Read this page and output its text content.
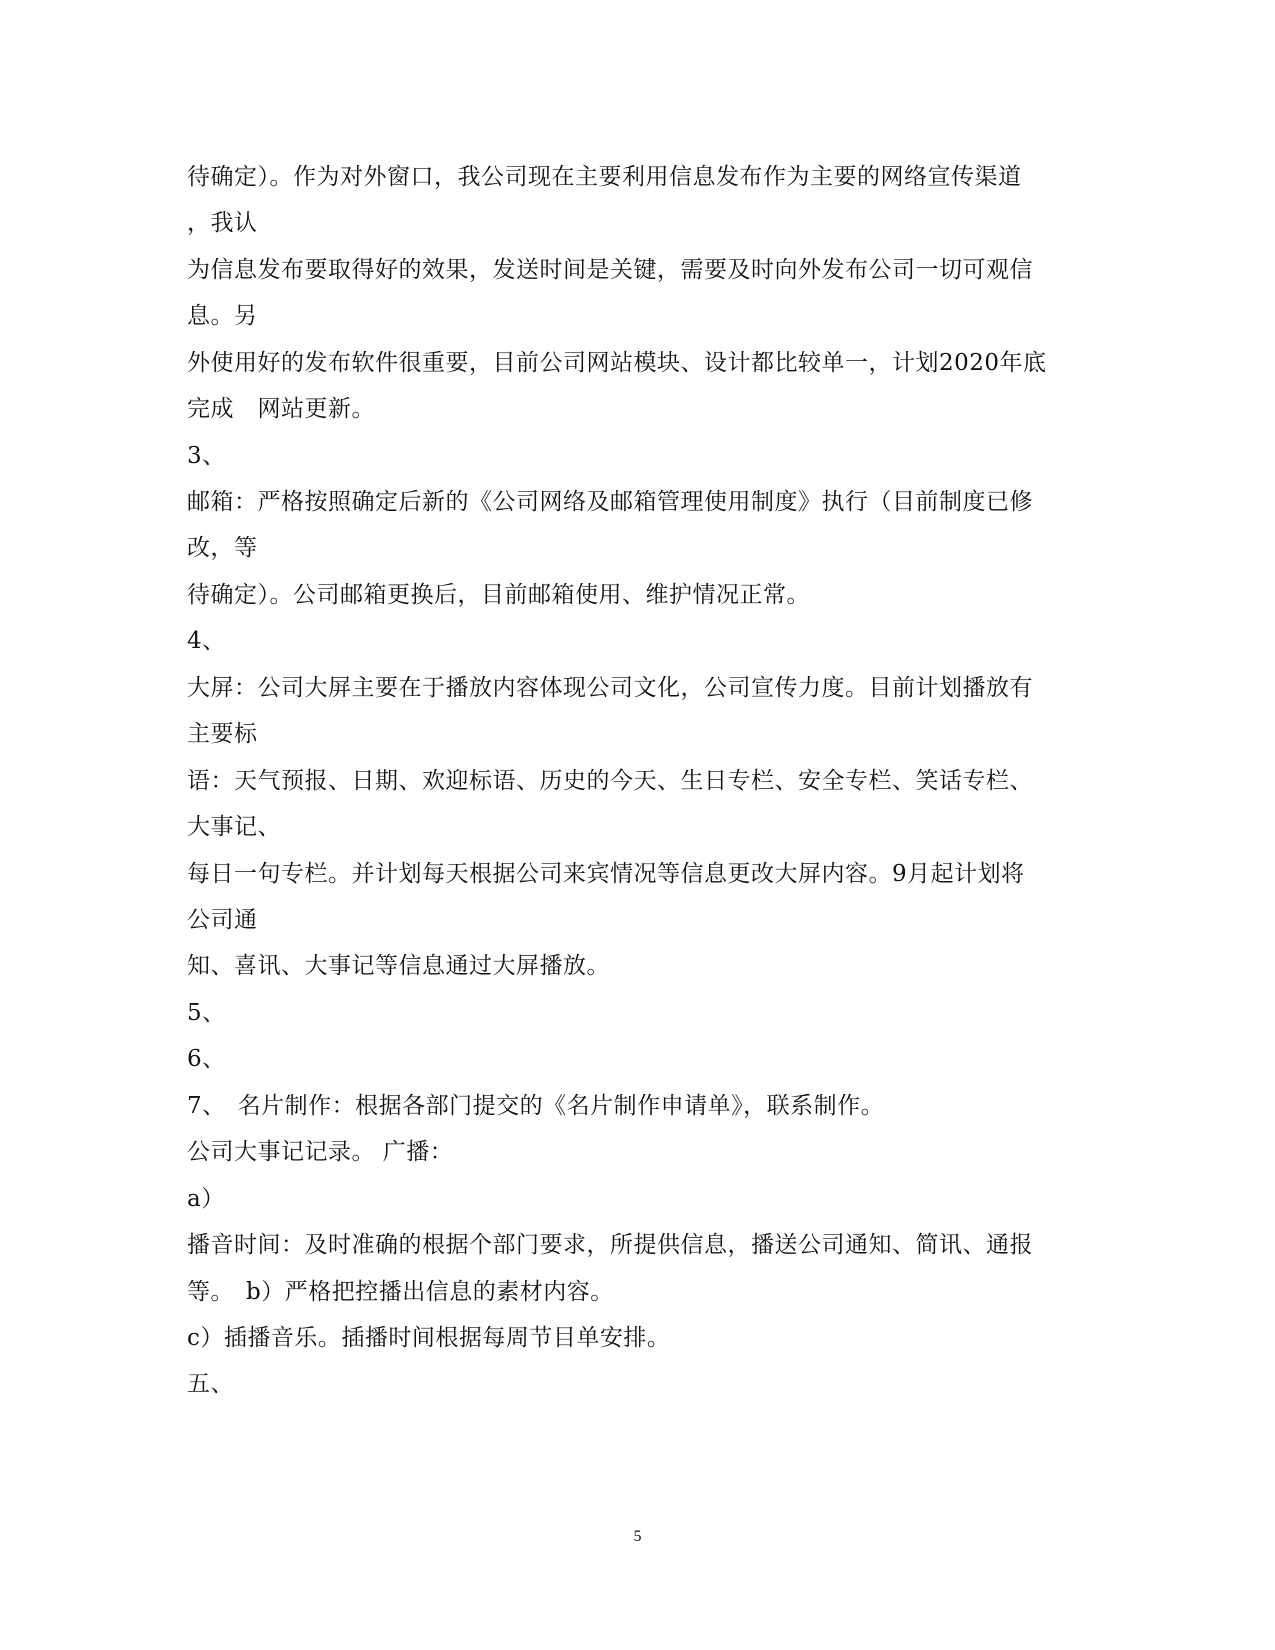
待确定）。作为对外窗口，我公司现在主要利用信息发布作为主要的网络宣传渠道
，我认
为信息发布要取得好的效果，发送时间是关键，需要及时向外发布公司一切可观信
息。另
外使用好的发布软件很重要，目前公司网站模块、设计都比较单一，计划2020年底
完成　网站更新。
3、
邮箱：严格按照确定后新的《公司网络及邮箱管理使用制度》执行（目前制度已修
改，等
待确定）。公司邮箱更换后，目前邮箱使用、维护情况正常。
4、
大屏：公司大屏主要在于播放内容体现公司文化，公司宣传力度。目前计划播放有
主要标
语：天气预报、日期、欢迎标语、历史的今天、生日专栏、安全专栏、笑话专栏、
大事记、
每日一句专栏。并计划每天根据公司来宾情况等信息更改大屏内容。9月起计划将
公司通
知、喜讯、大事记等信息通过大屏播放。
5、
6、
7、　名片制作：根据各部门提交的《名片制作申请单》，联系制作。
公司大事记记录。 广播：
a）
播音时间：及时准确的根据个部门要求，所提供信息，播送公司通知、简讯、通报
等。　b）严格把控播出信息的素材内容。
c）插播音乐。插播时间根据每周节目单安排。
五、
5
